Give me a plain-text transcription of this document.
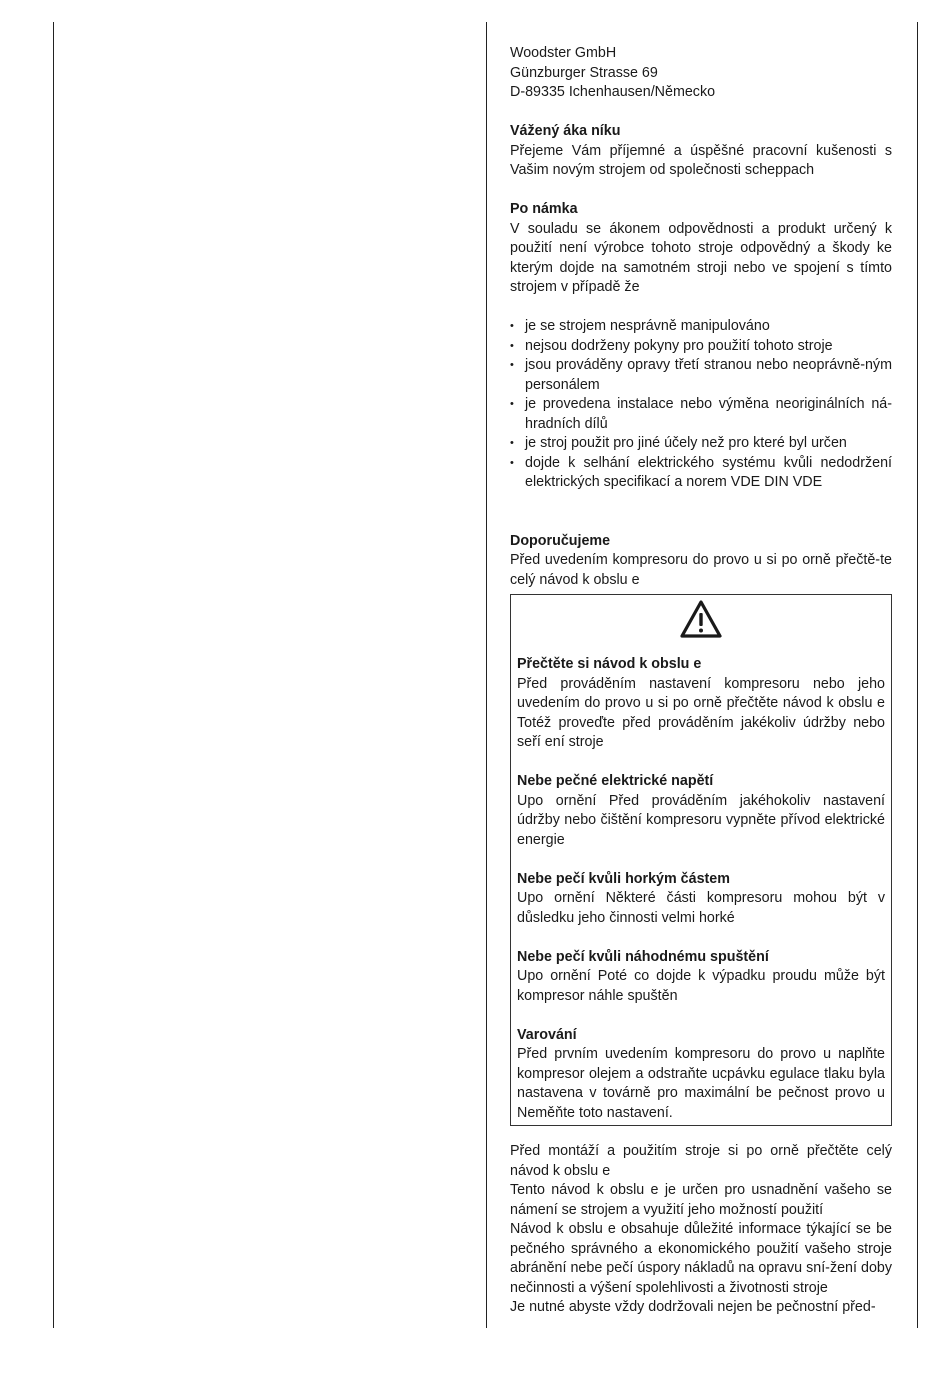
Woodster GmbH

Günzburger Strasse 69

D-89335 Ichenhausen/Německo

Vážený áka níku

Přejeme Vám příjemné a úspěšné pracovní kušenosti s Vašim novým strojem od společnosti scheppach

Po námka

V souladu se ákonem odpovědnosti a produkt určený k použití není výrobce tohoto stroje odpovědný a škody ke kterým dojde na samotném stroji nebo ve spojení s tímto strojem v případě že

• je se strojem nesprávně manipulováno
• nejsou dodrženy pokyny pro použití tohoto stroje
• jsou prováděny opravy třetí stranou nebo neoprávně-ným personálem
• je provedena instalace nebo výměna neoriginálních ná-hradních dílů
• je stroj použit pro jiné účely než pro které byl určen
• dojde k selhání elektrického systému kvůli nedodržení elektrických specifikací a norem VDE DIN VDE

Doporučujeme

Před uvedením kompresoru do provo u si po orně přečtě-te celý návod k obslu e

Přečtěte si návod k obslu e

Před prováděním nastavení kompresoru nebo jeho uvedením do provo u si po orně přečtěte návod k obslu e Totéž proveďte před prováděním jakékoliv údržby nebo seří ení stroje

Nebe pečné elektrické napětí

Upo ornění Před prováděním jakéhokoliv nastavení údržby nebo čištění kompresoru vypněte přívod elektrické energie

Nebe pečí kvůli horkým částem

Upo ornění Některé části kompresoru mohou být v důsledku jeho činnosti velmi horké

Nebe pečí kvůli náhodnému spuštění

Upo ornění Poté co dojde k výpadku proudu může být kompresor náhle spuštěn

Varování

Před prvním uvedením kompresoru do provo u naplňte kompresor olejem a odstraňte ucpávku egulace tlaku byla nastavena v továrně pro maximální be pečnost provo u Neměňte toto nastavení.

Před montáží a použitím stroje si po orně přečtěte celý návod k obslu e

Tento návod k obslu e je určen pro usnadnění vašeho se námení se strojem a využití jeho možností použití

Návod k obslu e obsahuje důležité informace týkající se be pečného správného a ekonomického použití vašeho stroje abránění nebe pečí úspory nákladů na opravu sní-žení doby nečinnosti a výšení spolehlivosti a životnosti stroje

Je nutné abyste vždy dodržovali nejen be pečnostní před-
